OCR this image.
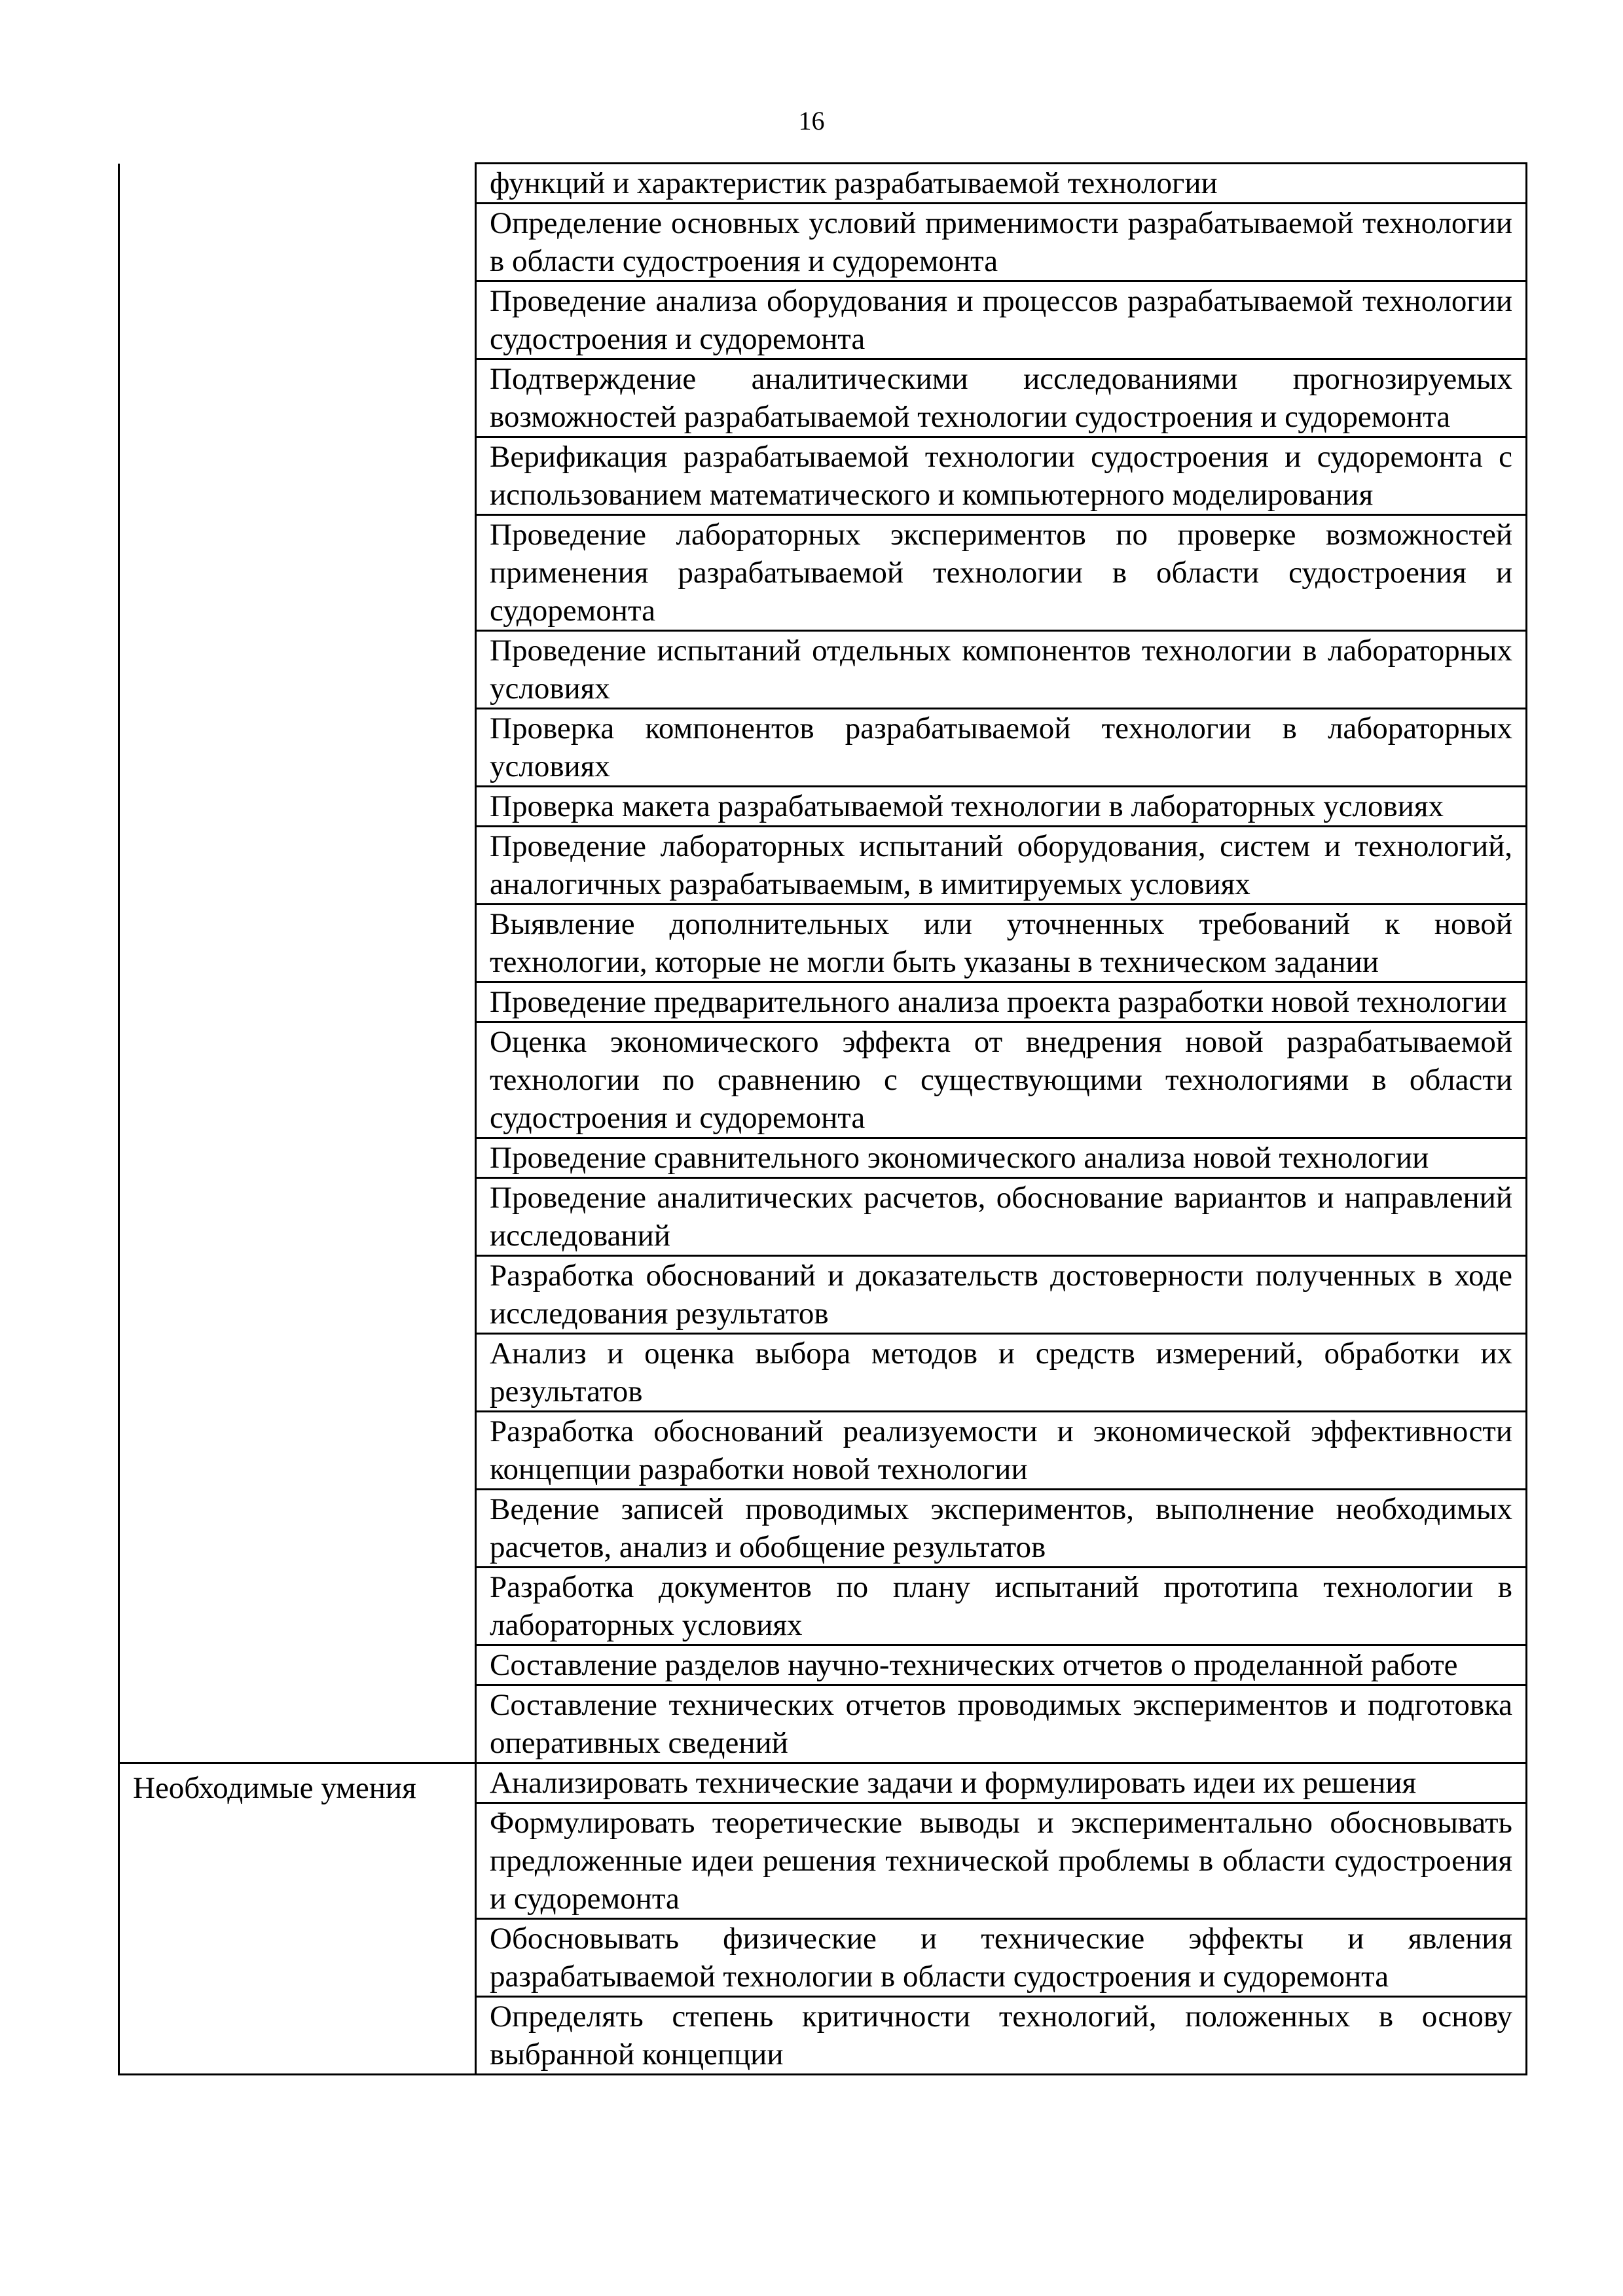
16
	функций и характеристик разрабатываемой технологии
	Определение основных условий применимости разрабатываемой технологии в области судостроения и судоремонта
	Проведение анализа оборудования и процессов разрабатываемой технологии судостроения и судоремонта
	Подтверждение аналитическими исследованиями прогнозируемых возможностей разрабатываемой технологии судостроения и судоремонта
	Верификация разрабатываемой технологии судостроения и судоремонта с использованием математического и компьютерного моделирования
	Проведение лабораторных экспериментов по проверке возможностей применения разрабатываемой технологии в области судостроения и судоремонта
	Проведение испытаний отдельных компонентов технологии в лабораторных условиях
	Проверка компонентов разрабатываемой технологии в лабораторных условиях
	Проверка макета разрабатываемой технологии в лабораторных условиях
	Проведение лабораторных испытаний оборудования, систем и технологий, аналогичных разрабатываемым, в имитируемых условиях
	Выявление дополнительных или уточненных требований к новой технологии, которые не могли быть указаны в техническом задании
	Проведение предварительного анализа проекта разработки новой технологии
	Оценка экономического эффекта от внедрения новой разрабатываемой технологии по сравнению с существующими технологиями в области судостроения и судоремонта
	Проведение сравнительного экономического анализа новой технологии
	Проведение аналитических расчетов, обоснование вариантов и направлений исследований
	Разработка обоснований и доказательств достоверности полученных в ходе исследования результатов
	Анализ и оценка выбора методов и средств измерений, обработки их результатов
	Разработка обоснований реализуемости и экономической эффективности концепции разработки новой технологии
	Ведение записей проводимых экспериментов, выполнение необходимых расчетов, анализ и обобщение результатов
	Разработка документов по плану испытаний прототипа технологии в лабораторных условиях
	Составление разделов научно-технических отчетов о проделанной работе
	Составление технических отчетов проводимых экспериментов и подготовка оперативных сведений
Необходимые умения	Анализировать технические задачи и формулировать идеи их решения
	Формулировать теоретические выводы и экспериментально обосновывать предложенные идеи решения технической проблемы в области судостроения и судоремонта
	Обосновывать физические и технические эффекты и явления разрабатываемой технологии в области судостроения и судоремонта
	Определять степень критичности технологий, положенных в основу выбранной концепции
